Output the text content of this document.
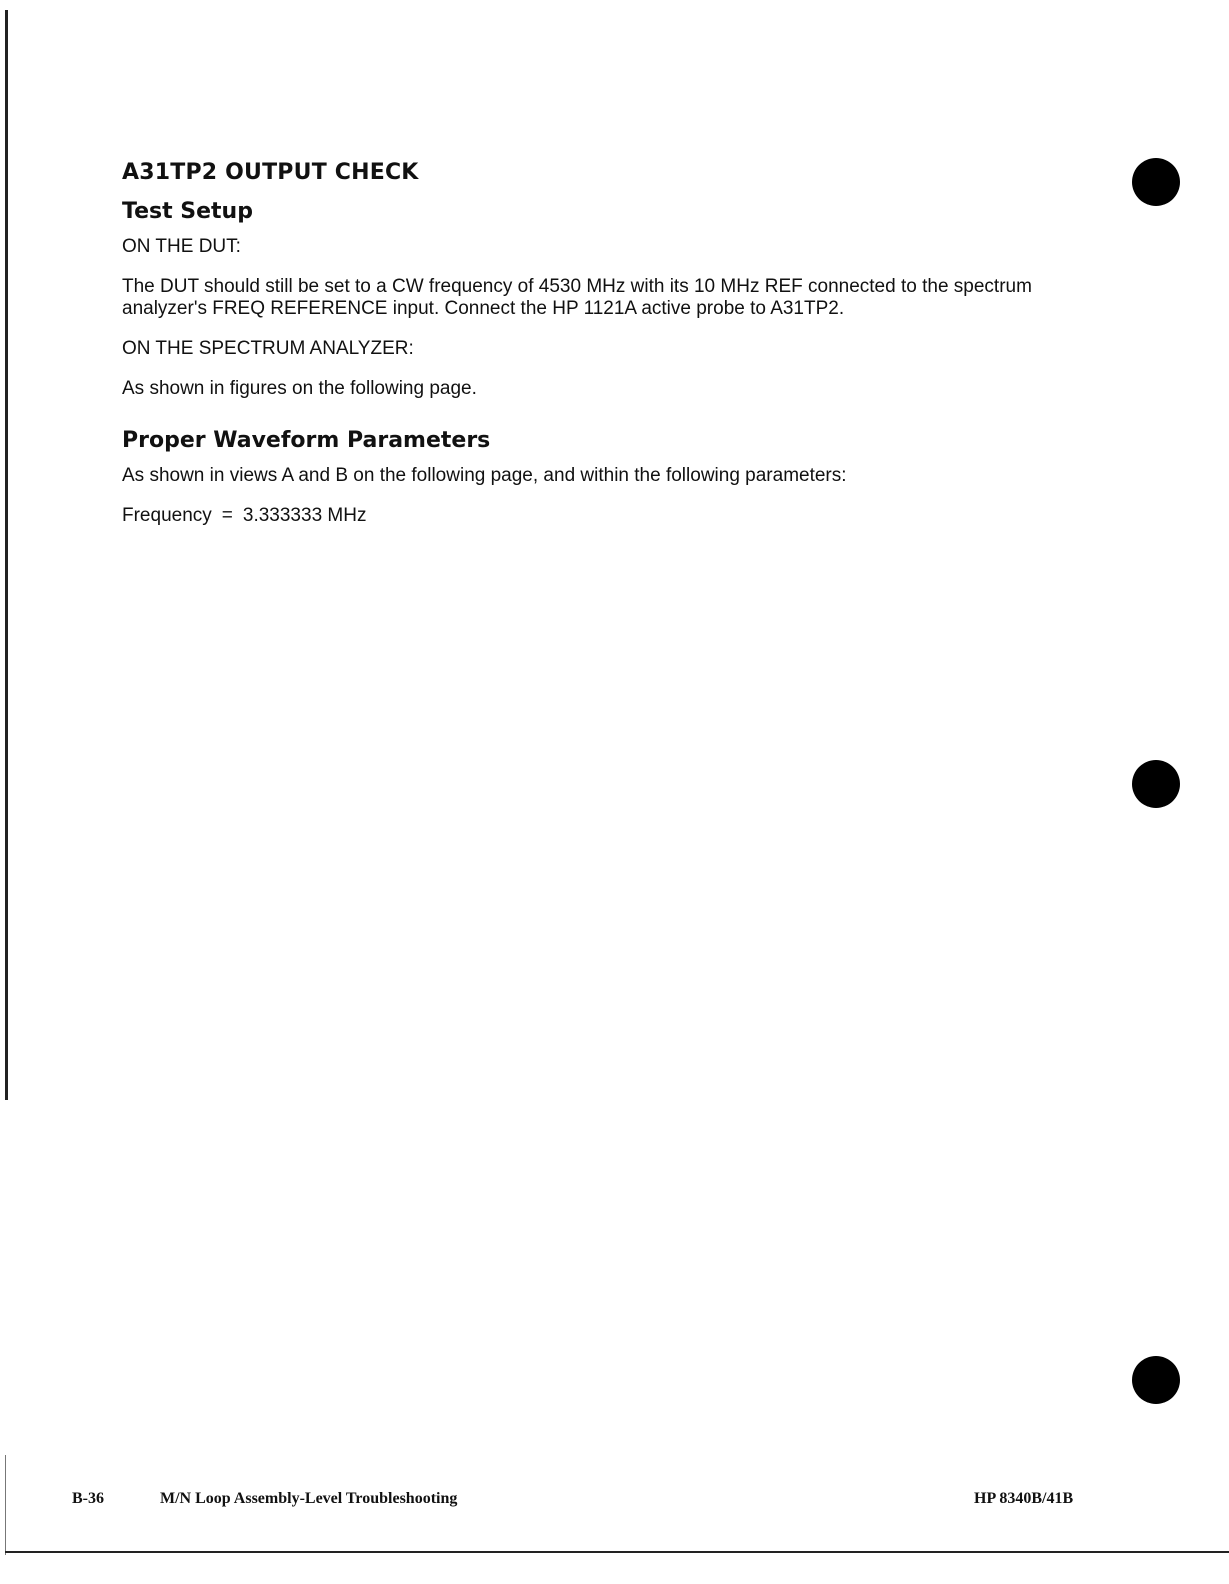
A31TP2 OUTPUT CHECK
Test Setup

ON THE DUT:

The DUT should still be set to a CW frequency of 4530 MHz with its 10 MHz REF connected to the spectrum analyzer's FREQ REFERENCE input. Connect the HP 1121A active probe to A31TP2.

ON THE SPECTRUM ANALYZER:

As shown in figures on the following page.

Proper Waveform Parameters

As shown in views A and B on the following page, and within the following parameters:

Frequency = 3.333333 MHz

B-36	M/N Loop Assembly-Level Troubleshooting	HP 8340B/41B
